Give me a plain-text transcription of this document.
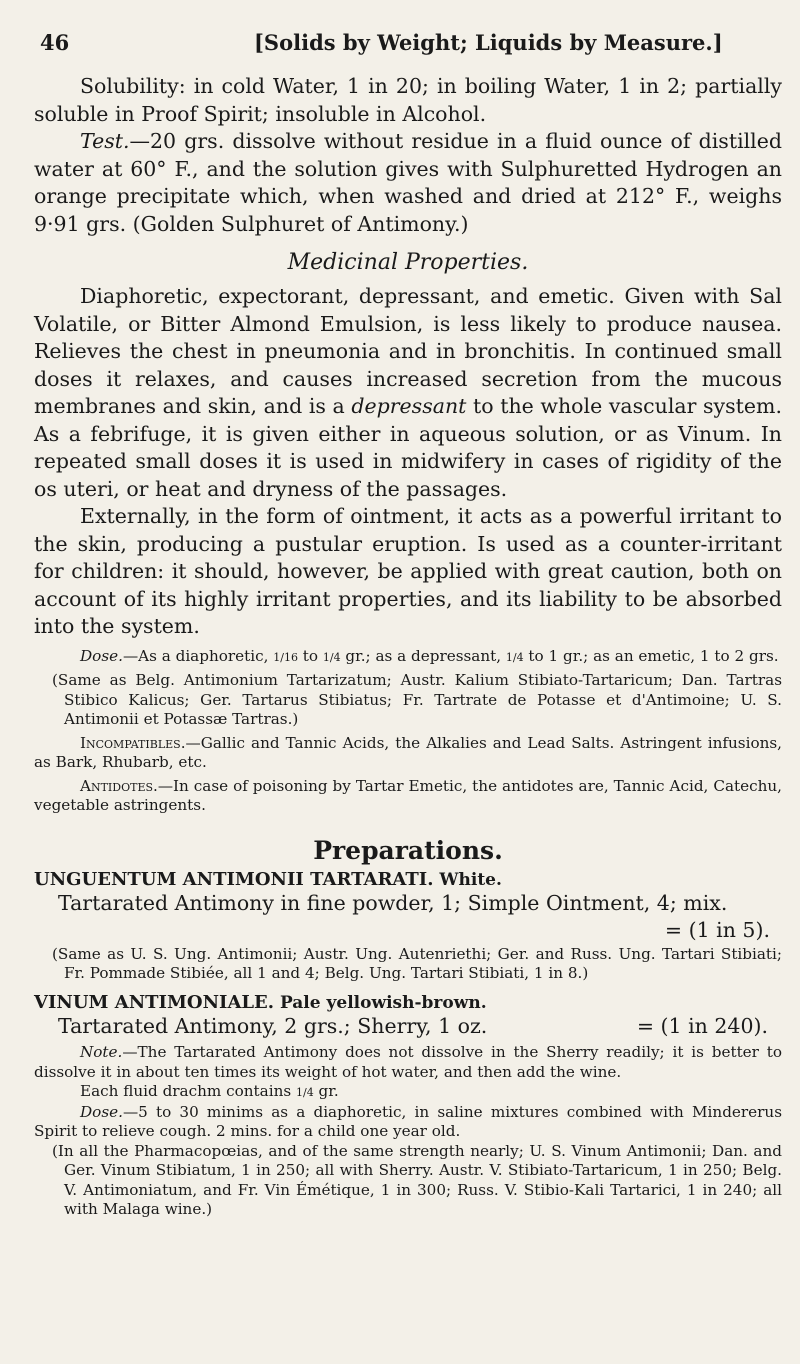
46	[Solids by Weight; Liquids by Measure.]
Solubility: in cold Water, 1 in 20; in boiling Water, 1 in 2; partially soluble in Proof Spirit; insoluble in Alcohol.

Test.—20 grs. dissolve without residue in a fluid ounce of distilled water at 60° F., and the solution gives with Sulphuretted Hydrogen an orange precipitate which, when washed and dried at 212° F., weighs 9·91 grs. (Golden Sulphuret of Antimony.)

Medicinal Properties.

Diaphoretic, expectorant, depressant, and emetic. Given with Sal Volatile, or Bitter Almond Emulsion, is less likely to produce nausea. Relieves the chest in pneumonia and in bronchitis. In continued small doses it relaxes, and causes increased secretion from the mucous membranes and skin, and is a depressant to the whole vascular system. As a febrifuge, it is given either in aqueous solution, or as Vinum. In repeated small doses it is used in midwifery in cases of rigidity of the os uteri, or heat and dryness of the passages.

Externally, in the form of ointment, it acts as a powerful irritant to the skin, producing a pustular eruption. Is used as a counter-irritant for children: it should, however, be applied with great caution, both on account of its highly irritant properties, and its liability to be absorbed into the system.

Dose.—As a diaphoretic, 1/16 to 1/4 gr.; as a depressant, 1/4 to 1 gr.; as an emetic, 1 to 2 grs.

(Same as Belg. Antimonium Tartarizatum; Austr. Kalium Stibiato-Tartaricum; Dan. Tartras Stibico Kalicus; Ger. Tartarus Stibiatus; Fr. Tartrate de Potasse et d'Antimoine; U. S. Antimonii et Potassæ Tartras.)

Incompatibles.—Gallic and Tannic Acids, the Alkalies and Lead Salts. Astringent infusions, as Bark, Rhubarb, etc.

Antidotes.—In case of poisoning by Tartar Emetic, the antidotes are, Tannic Acid, Catechu, vegetable astringents.

Preparations.

UNGUENTUM ANTIMONII TARTARATI. White.

Tartarated Antimony in fine powder, 1; Simple Ointment, 4; mix.

= (1 in 5).

(Same as U. S. Ung. Antimonii; Austr. Ung. Autenriethi; Ger. and Russ. Ung. Tartari Stibiati; Fr. Pommade Stibiée, all 1 and 4; Belg. Ung. Tartari Stibiati, 1 in 8.)

VINUM ANTIMONIALE. Pale yellowish-brown.

Tartarated Antimony, 2 grs.; Sherry, 1 oz.	= (1 in 240).

Note.—The Tartarated Antimony does not dissolve in the Sherry readily; it is better to dissolve it in about ten times its weight of hot water, and then add the wine.

Each fluid drachm contains 1/4 gr.

Dose.—5 to 30 minims as a diaphoretic, in saline mixtures combined with Mindererus Spirit to relieve cough. 2 mins. for a child one year old.

(In all the Pharmacopœias, and of the same strength nearly; U. S. Vinum Antimonii; Dan. and Ger. Vinum Stibiatum, 1 in 250; all with Sherry. Austr. V. Stibiato-Tartaricum, 1 in 250; Belg. V. Antimoniatum, and Fr. Vin Émétique, 1 in 300; Russ. V. Stibio-Kali Tartarici, 1 in 240; all with Malaga wine.)
